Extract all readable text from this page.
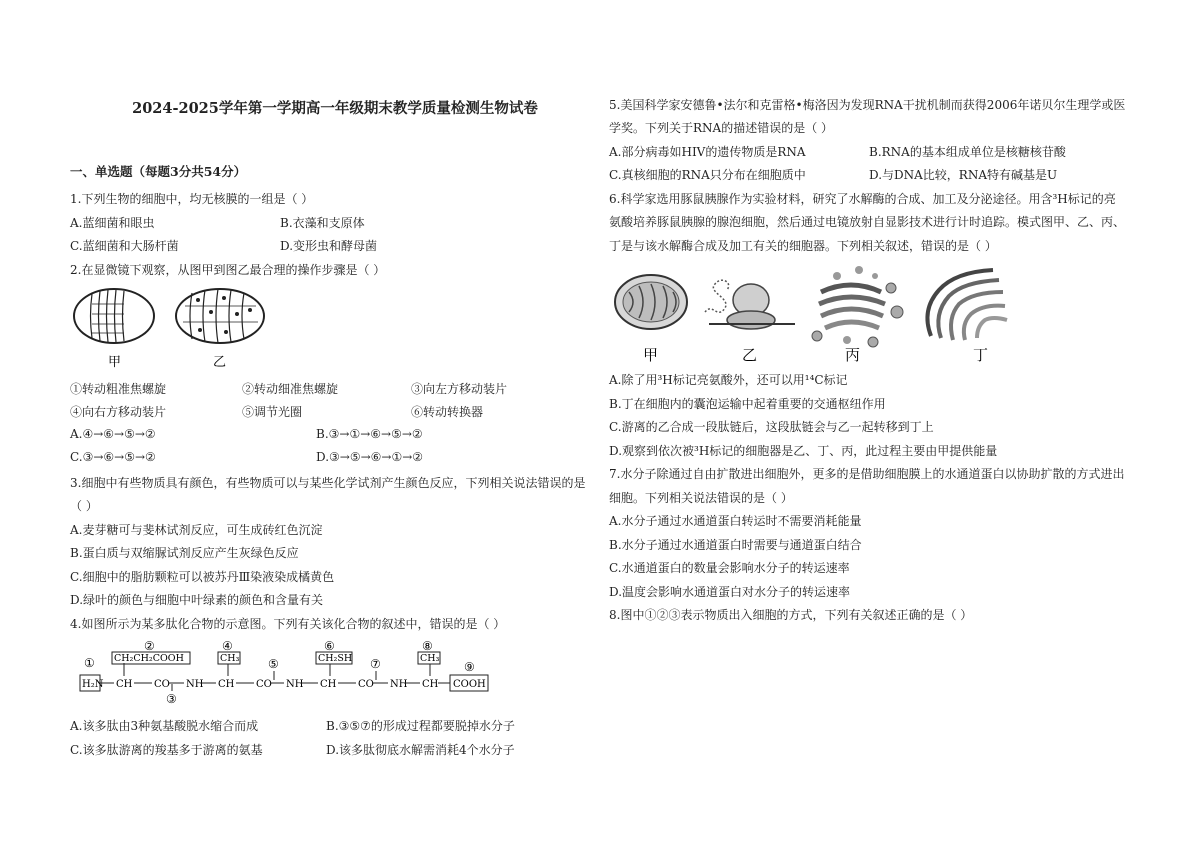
2024-2025学年第一学期高一年级期末教学质量检测生物试卷
一、单选题（每题3分共54分）
1.下列生物的细胞中，均无核膜的一组是（ ）
A.蓝细菌和眼虫	B.衣藻和支原体
C.蓝细菌和大肠杆菌	D.变形虫和酵母菌
2.在显微镜下观察，从图甲到图乙最合理的操作步骤是（ ）
甲	乙
①转动粗准焦螺旋	②转动细准焦螺旋	③向左方移动装片
④向右方移动装片	⑤调节光圈	⑥转动转换器
A.④→⑥→⑤→②	B.③→①→⑥→⑤→②
C.③→⑥→⑤→②	D.③→⑤→⑥→①→②
3.细胞中有些物质具有颜色，有些物质可以与某些化学试剂产生颜色反应，下列相关说法错误的是
（ ）
A.麦芽糖可与斐林试剂反应，可生成砖红色沉淀
B.蛋白质与双缩脲试剂反应产生灰绿色反应
C.细胞中的脂肪颗粒可以被苏丹Ⅲ染液染成橘黄色
D.绿叶的颜色与细胞中叶绿素的颜色和含量有关
4.如图所示为某多肽化合物的示意图。下列有关该化合物的叙述中，错误的是（ ）
①
H₂N CH
②
CH₂CH₂COOH
CO
③
NH CH
④
CH₃
CO
⑤
NH CH
⑥
CH₂SH
CO
⑦
NH CH
⑧
CH₃
COOH
⑨
A.该多肽由3种氨基酸脱水缩合而成	B.③⑤⑦的形成过程都要脱掉水分子
C.该多肽游离的羧基多于游离的氨基	D.该多肽彻底水解需消耗4个水分子
5.美国科学家安德鲁•法尔和克雷格•梅洛因为发现RNA干扰机制而获得2006年诺贝尔生理学或医
学奖。下列关于RNA的描述错误的是（ ）
A.部分病毒如HIV的遗传物质是RNA	B.RNA的基本组成单位是核糖核苷酸
C.真核细胞的RNA只分布在细胞质中	D.与DNA比较，RNA特有碱基是U
6.科学家选用豚鼠胰腺作为实验材料，研究了水解酶的合成、加工及分泌途径。用含³H标记的亮
氨酸培养豚鼠胰腺的腺泡细胞，然后通过电镜放射自显影技术进行计时追踪。模式图甲、乙、丙、
丁是与该水解酶合成及加工有关的细胞器。下列相关叙述，错误的是（ ）
甲	乙	丙	丁
A.除了用³H标记亮氨酸外，还可以用¹⁴C标记
B.丁在细胞内的囊泡运输中起着重要的交通枢纽作用
C.游离的乙合成一段肽链后，这段肽链会与乙一起转移到丁上
D.观察到依次被³H标记的细胞器是乙、丁、丙，此过程主要由甲提供能量
7.水分子除通过自由扩散进出细胞外，更多的是借助细胞膜上的水通道蛋白以协助扩散的方式进出
细胞。下列相关说法错误的是（ ）
A.水分子通过水通道蛋白转运时不需要消耗能量
B.水分子通过水通道蛋白时需要与通道蛋白结合
C.水通道蛋白的数量会影响水分子的转运速率
D.温度会影响水通道蛋白对水分子的转运速率
8.图中①②③表示物质出入细胞的方式，下列有关叙述正确的是（ ）
